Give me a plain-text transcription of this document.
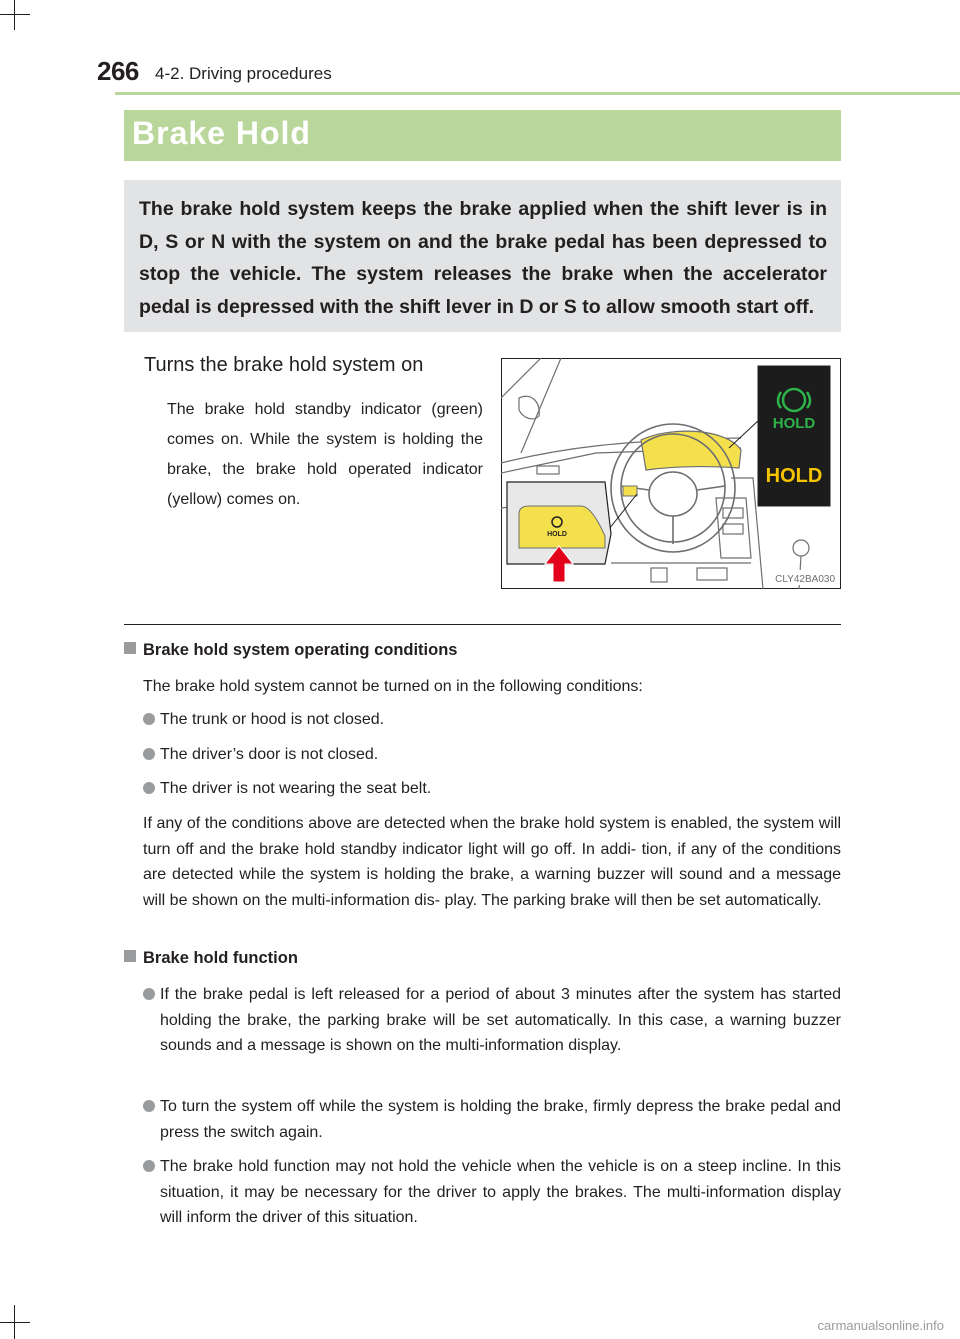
266 4-2. Driving procedures
Brake Hold
The brake hold system keeps the brake applied when the shift lever is in D, S or N with the system on and the brake pedal has been depressed to stop the vehicle. The system releases the brake when the accelerator pedal is depressed with the shift lever in D or S to allow smooth start off.
Turns the brake hold system on
The brake hold standby indicator (green) comes on. While the system is holding the brake, the brake hold operated indicator (yellow) comes on.
HOLD
HOLD
HOLD
CLY42BA030
Brake hold system operating conditions
The brake hold system cannot be turned on in the following conditions:
The trunk or hood is not closed.
The driver’s door is not closed.
The driver is not wearing the seat belt.
If any of the conditions above are detected when the brake hold system is enabled, the system will turn off and the brake hold standby indicator light will go off. In addi- tion, if any of the conditions are detected while the system is holding the brake, a warning buzzer will sound and a message will be shown on the multi-information dis- play. The parking brake will then be set automatically.
Brake hold function
If the brake pedal is left released for a period of about 3 minutes after the system has started holding the brake, the parking brake will be set automatically. In this case, a warning buzzer sounds and a message is shown on the multi-information display.
To turn the system off while the system is holding the brake, firmly depress the brake pedal and press the switch again.
The brake hold function may not hold the vehicle when the vehicle is on a steep incline. In this situation, it may be necessary for the driver to apply the brakes. The multi-information display will inform the driver of this situation.
carmanualsonline.info
